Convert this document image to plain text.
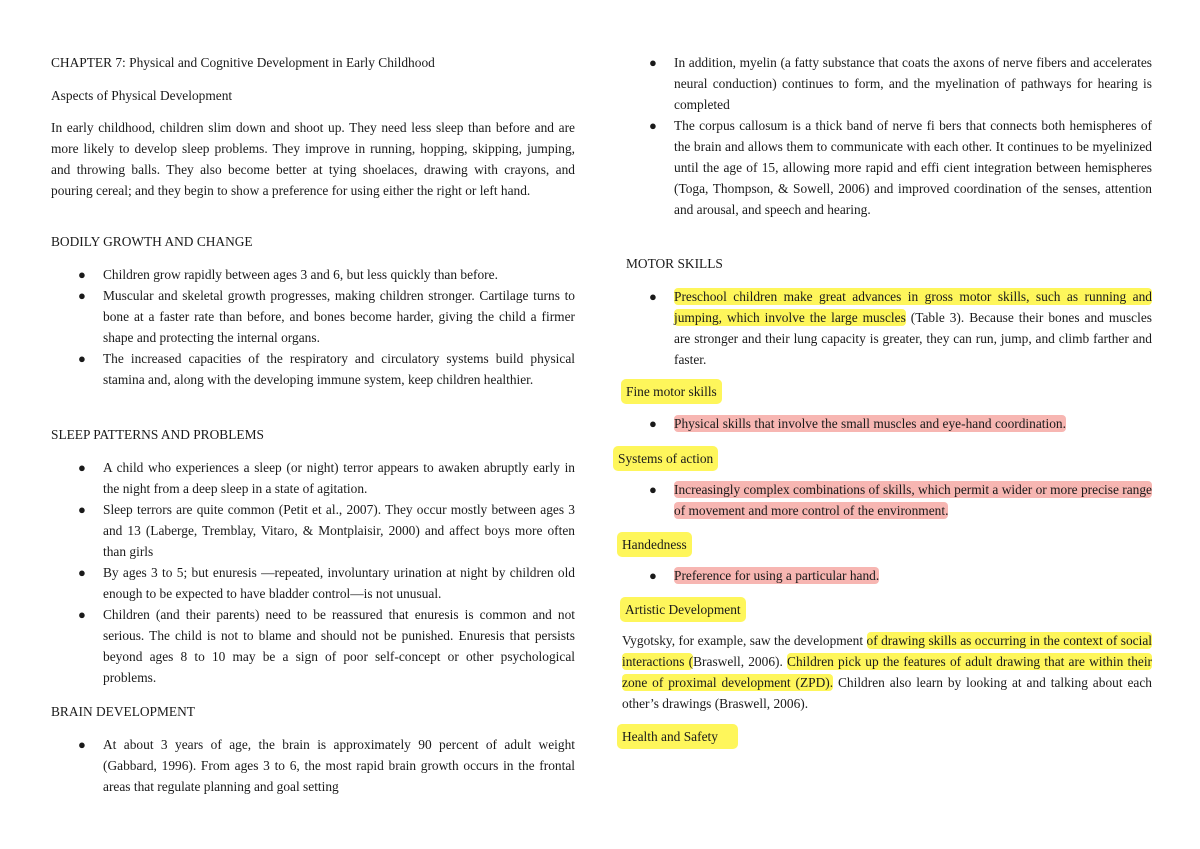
CHAPTER 7: Physical and Cognitive Development in Early Childhood
Aspects of Physical Development
In early childhood, children slim down and shoot up. They need less sleep than before and are more likely to develop sleep problems. They improve in running, hopping, skipping, jumping, and throwing balls. They also become better at tying shoelaces, drawing with crayons, and pouring cereal; and they begin to show a preference for using either the right or left hand.
BODILY GROWTH AND CHANGE
● Children grow rapidly between ages 3 and 6, but less quickly than before.
● Muscular and skeletal growth progresses, making children stronger. Cartilage turns to bone at a faster rate than before, and bones become harder, giving the child a firmer shape and protecting the internal organs.
● The increased capacities of the respiratory and circulatory systems build physical stamina and, along with the developing immune system, keep children healthier.
SLEEP PATTERNS AND PROBLEMS
● A child who experiences a sleep (or night) terror appears to awaken abruptly early in the night from a deep sleep in a state of agitation.
● Sleep terrors are quite common (Petit et al., 2007). They occur mostly between ages 3 and 13 (Laberge, Tremblay, Vitaro, & Montplaisir, 2000) and affect boys more often than girls
● By ages 3 to 5; but enuresis —repeated, involuntary urination at night by children old enough to be expected to have bladder control—is not unusual.
● Children (and their parents) need to be reassured that enuresis is common and not serious. The child is not to blame and should not be punished. Enuresis that persists beyond ages 8 to 10 may be a sign of poor self-concept or other psychological problems.
BRAIN DEVELOPMENT
● At about 3 years of age, the brain is approximately 90 percent of adult weight (Gabbard, 1996). From ages 3 to 6, the most rapid brain growth occurs in the frontal areas that regulate planning and goal setting
● In addition, myelin (a fatty substance that coats the axons of nerve fibers and accelerates neural conduction) continues to form, and the myelination of pathways for hearing is completed
● The corpus callosum is a thick band of nerve fi bers that connects both hemispheres of the brain and allows them to communicate with each other. It continues to be myelinized until the age of 15, allowing more rapid and effi cient integration between hemispheres (Toga, Thompson, & Sowell, 2006) and improved coordination of the senses, attention and arousal, and speech and hearing.
MOTOR SKILLS
● Preschool children make great advances in gross motor skills, such as running and jumping, which involve the large muscles (Table 3). Because their bones and muscles are stronger and their lung capacity is greater, they can run, jump, and climb farther and faster.
Fine motor skills
● Physical skills that involve the small muscles and eye-hand coordination.
Systems of action
● Increasingly complex combinations of skills, which permit a wider or more precise range of movement and more control of the environment.
Handedness
● Preference for using a particular hand.
Artistic Development
Vygotsky, for example, saw the development of drawing skills as occurring in the context of social interactions (Braswell, 2006). Children pick up the features of adult drawing that are within their zone of proximal development (ZPD). Children also learn by looking at and talking about each other’s drawings (Braswell, 2006).
Health and Safety
